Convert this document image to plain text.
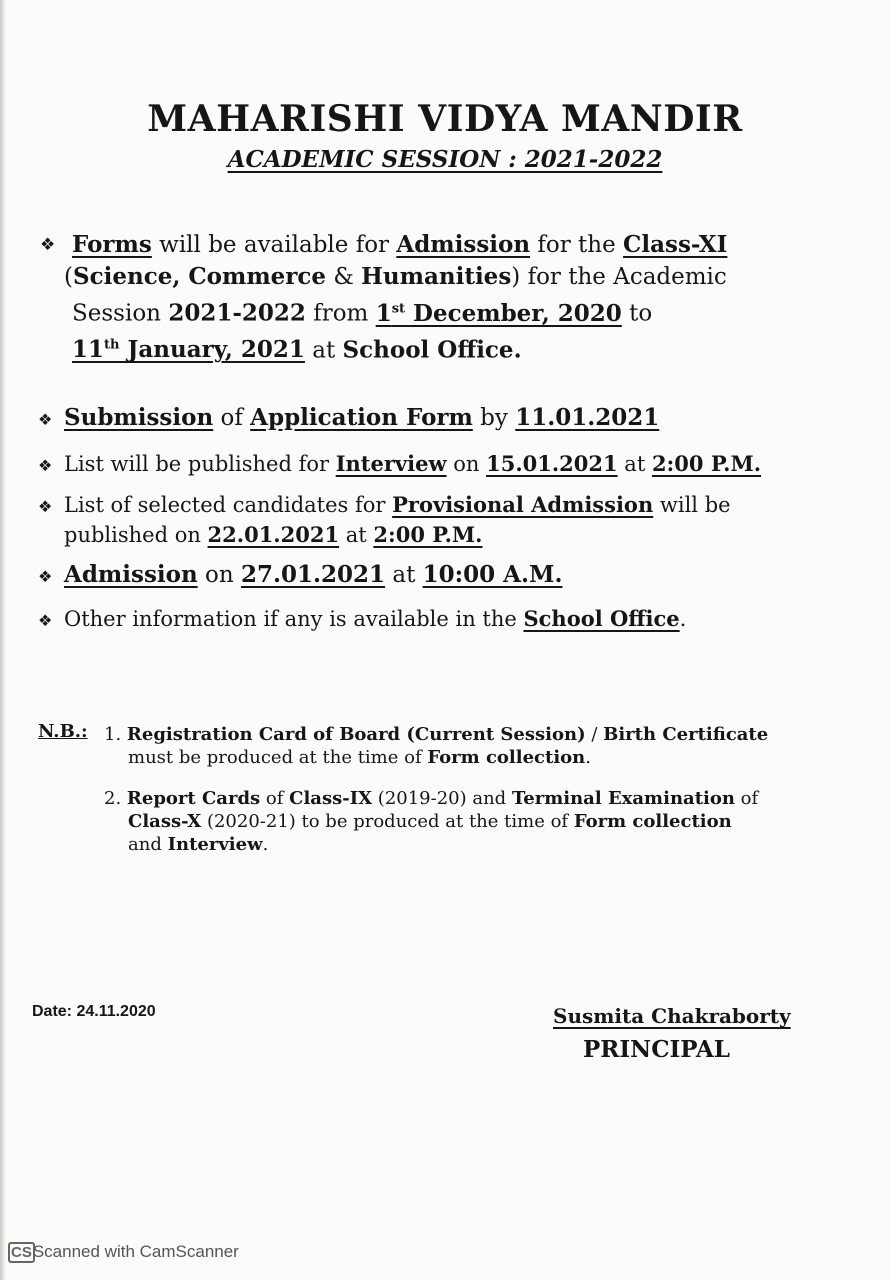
MAHARISHI VIDYA MANDIR
ACADEMIC SESSION : 2021-2022
❖ Forms will be available for Admission for the Class-XI
(Science, Commerce & Humanities) for the Academic
Session 2021-2022 from 1st December, 2020 to
11th January, 2021 at School Office.
❖ Submission of Application Form by 11.01.2021
❖ List will be published for Interview on 15.01.2021 at 2:00 P.M.
❖ List of selected candidates for Provisional Admission will be
published on 22.01.2021 at 2:00 P.M.
❖ Admission on 27.01.2021 at 10:00 A.M.
❖ Other information if any is available in the School Office.
N.B.: 1. Registration Card of Board (Current Session) / Birth Certificate
must be produced at the time of Form collection.
2. Report Cards of Class-IX (2019-20) and Terminal Examination of
Class-X (2020-21) to be produced at the time of Form collection
and Interview.
Date: 24.11.2020	Susmita Chakraborty
PRINCIPAL
CSScanned with CamScanner
